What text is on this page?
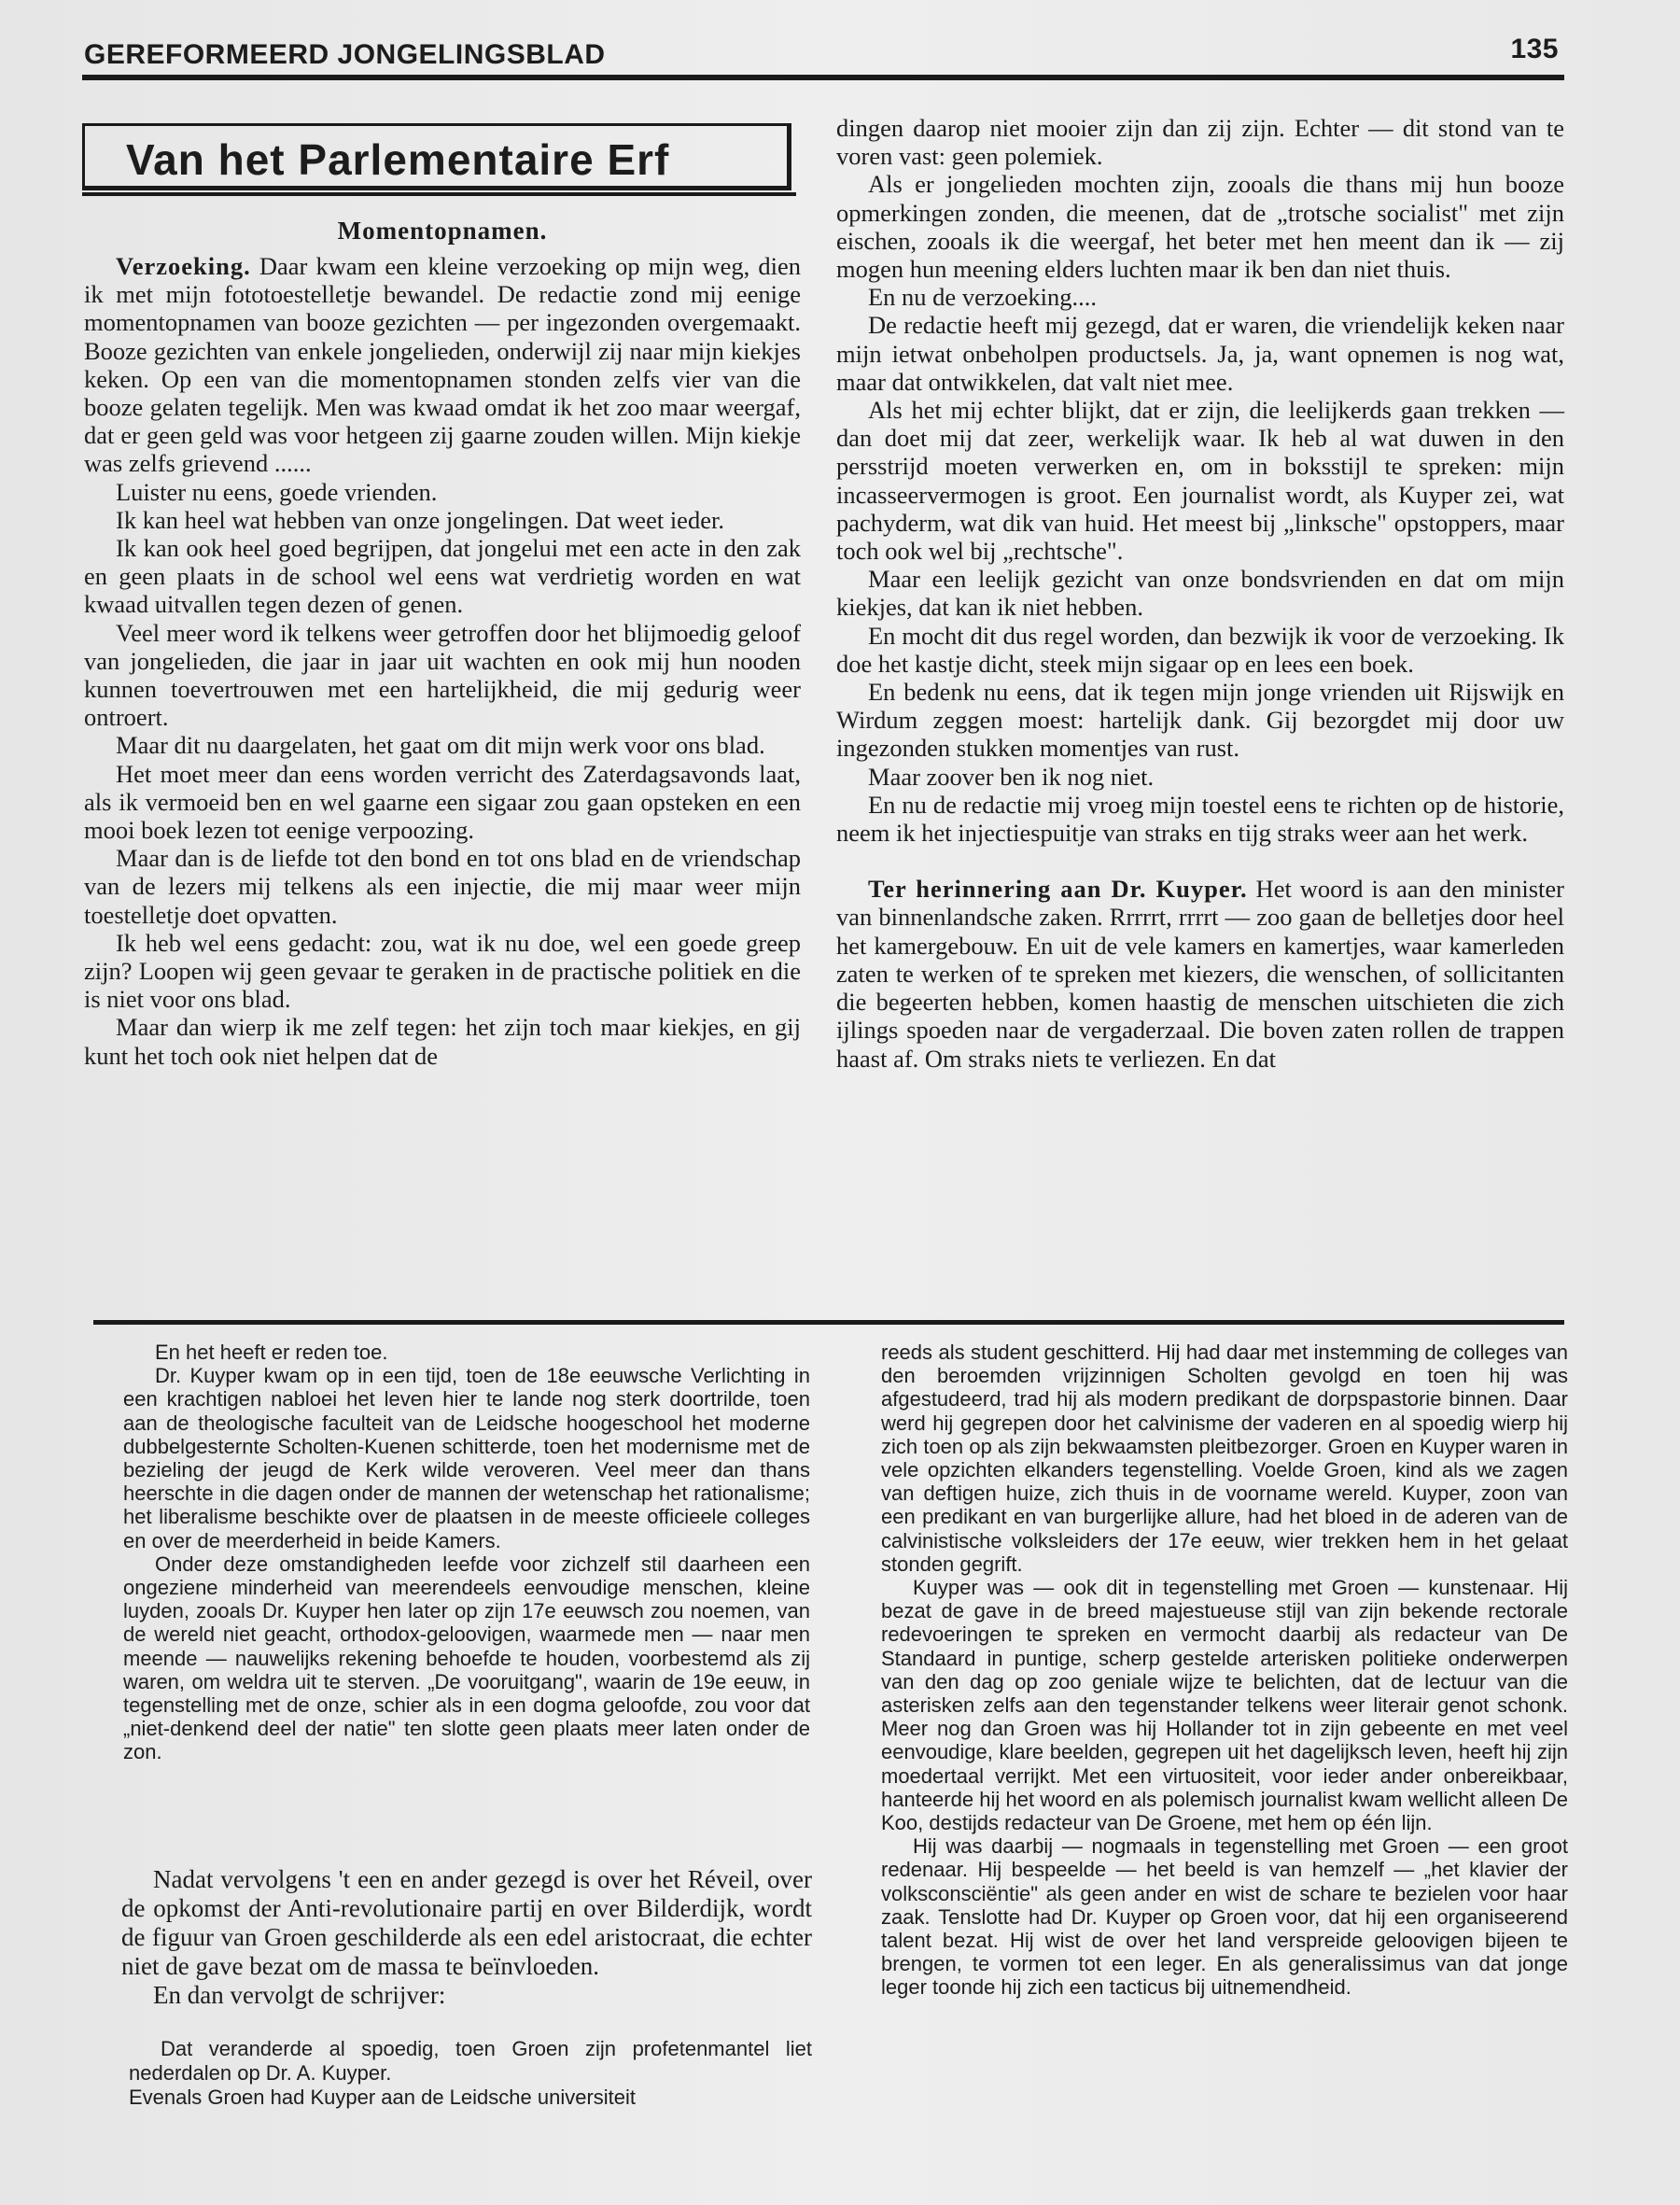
GEREFORMEERD JONGELINGSBLAD	135
Van het Parlementaire Erf
Momentopnamen.

Verzoeking. Daar kwam een kleine verzoeking op mijn weg, dien ik met mijn fototoestelletje bewandel. De redactie zond mij eenige momentopnamen van booze gezichten — per ingezonden overgemaakt. Booze gezichten van enkele jongelieden, onderwijl zij naar mijn kiekjes keken. Op een van die momentopnamen stonden zelfs vier van die booze gelaten tegelijk. Men was kwaad omdat ik het zoo maar weergaf, dat er geen geld was voor hetgeen zij gaarne zouden willen. Mijn kiekje was zelfs grievend ......

Luister nu eens, goede vrienden.

Ik kan heel wat hebben van onze jongelingen. Dat weet ieder.

Ik kan ook heel goed begrijpen, dat jongelui met een acte in den zak en geen plaats in de school wel eens wat verdrietig worden en wat kwaad uitvallen tegen dezen of genen.

Veel meer word ik telkens weer getroffen door het blijmoedig geloof van jongelieden, die jaar in jaar uit wachten en ook mij hun nooden kunnen toevertrouwen met een hartelijkheid, die mij gedurig weer ontroert.

Maar dit nu daargelaten, het gaat om dit mijn werk voor ons blad.

Het moet meer dan eens worden verricht des Zaterdagsavonds laat, als ik vermoeid ben en wel gaarne een sigaar zou gaan opsteken en een mooi boek lezen tot eenige verpoozing.

Maar dan is de liefde tot den bond en tot ons blad en de vriendschap van de lezers mij telkens als een injectie, die mij maar weer mijn toestelletje doet opvatten.

Ik heb wel eens gedacht: zou, wat ik nu doe, wel een goede greep zijn? Loopen wij geen gevaar te geraken in de practische politiek en die is niet voor ons blad.

Maar dan wierp ik me zelf tegen: het zijn toch maar kiekjes, en gij kunt het toch ook niet helpen dat de

dingen daarop niet mooier zijn dan zij zijn. Echter — dit stond van te voren vast: geen polemiek.

Als er jongelieden mochten zijn, zooals die thans mij hun booze opmerkingen zonden, die meenen, dat de „trotsche socialist" met zijn eischen, zooals ik die weergaf, het beter met hen meent dan ik — zij mogen hun meening elders luchten maar ik ben dan niet thuis.

En nu de verzoeking....

De redactie heeft mij gezegd, dat er waren, die vriendelijk keken naar mijn ietwat onbeholpen productsels. Ja, ja, want opnemen is nog wat, maar dat ontwikkelen, dat valt niet mee.

Als het mij echter blijkt, dat er zijn, die leelijkerds gaan trekken — dan doet mij dat zeer, werkelijk waar. Ik heb al wat duwen in den persstrijd moeten verwerken en, om in boksstijl te spreken: mijn incasseervermogen is groot. Een journalist wordt, als Kuyper zei, wat pachyderm, wat dik van huid. Het meest bij „linksche" opstoppers, maar toch ook wel bij „rechtsche".

Maar een leelijk gezicht van onze bondsvrienden en dat om mijn kiekjes, dat kan ik niet hebben.

En mocht dit dus regel worden, dan bezwijk ik voor de verzoeking. Ik doe het kastje dicht, steek mijn sigaar op en lees een boek.

En bedenk nu eens, dat ik tegen mijn jonge vrienden uit Rijswijk en Wirdum zeggen moest: hartelijk dank. Gij bezorgdet mij door uw ingezonden stukken momentjes van rust.

Maar zoover ben ik nog niet.

En nu de redactie mij vroeg mijn toestel eens te richten op de historie, neem ik het injectiespuitje van straks en tijg straks weer aan het werk.

Ter herinnering aan Dr. Kuyper. Het woord is aan den minister van binnenlandsche zaken. Rrrrrt, rrrrt — zoo gaan de belletjes door heel het kamergebouw. En uit de vele kamers en kamertjes, waar kamerleden zaten te werken of te spreken met kiezers, die wenschen, of sollicitanten die begeerten hebben, komen haastig de menschen uitschieten die zich ijlings spoeden naar de vergaderzaal. Die boven zaten rollen de trappen haast af. Om straks niets te verliezen. En dat

En het heeft er reden toe.

Dr. Kuyper kwam op in een tijd, toen de 18e eeuwsche Verlichting in een krachtigen nabloei het leven hier te lande nog sterk doortrilde, toen aan de theologische faculteit van de Leidsche hoogeschool het moderne dubbelgesterntе Scholten-Kuenen schitterde, toen het modernisme met de bezieling der jeugd de Kerk wilde veroveren. Veel meer dan thans heerschte in die dagen onder de mannen der wetenschap het rationalisme; het liberalisme beschikte over de plaatsen in de meeste officieele colleges en over de meerderheid in beide Kamers.

Onder deze omstandigheden leefde voor zichzelf stil daarheen een ongeziene minderheid van meerendeels eenvoudige menschen, kleine luyden, zooals Dr. Kuyper hen later op zijn 17e eeuwsch zou noemen, van de wereld niet geacht, orthodox-geloovigen, waarmede men — naar men meende — nauwelijks rekening behoefde te houden, voorbestemd als zij waren, om weldra uit te sterven. „De vooruitgang", waarin de 19e eeuw, in tegenstelling met de onze, schier als in een dogma geloofde, zou voor dat „niet-denkend deel der natie" ten slotte geen plaats meer laten onder de zon.

Nadat vervolgens 't een en ander gezegd is over het Réveil, over de opkomst der Anti-revolutionaire partij en over Bilderdijk, wordt de figuur van Groen geschilderde als een edel aristocraat, die echter niet de gave bezat om de massa te beïnvloeden.

En dan vervolgt de schrijver:

Dat veranderde al spoedig, toen Groen zijn profetenmantel liet nederdalen op Dr. A. Kuyper.

Evenals Groen had Kuyper aan de Leidsche universiteit

reeds als student geschitterd. Hij had daar met instemming de colleges van den beroemden vrijzinnigen Scholten gevolgd en toen hij was afgestudeerd, trad hij als modern predikant de dorpspastorie binnen. Daar werd hij gegrepen door het calvinisme der vaderen en al spoedig wierp hij zich toen op als zijn bekwaamsten pleitbezorger. Groen en Kuyper waren in vele opzichten elkanders tegenstelling. Voelde Groen, kind als we zagen van deftigen huize, zich thuis in de voorname wereld. Kuyper, zoon van een predikant en van burgerlijke allure, had het bloed in de aderen van de calvinistische volksleiders der 17e eeuw, wier trekken hem in het gelaat stonden gegrift.

Kuyper was — ook dit in tegenstelling met Groen — kunstenaar. Hij bezat de gave in de breed majestueuse stijl van zijn bekende rectorale redevoeringen te spreken en vermocht daarbij als redacteur van De Standaard in puntige, scherp gestelde arterisken politieke onderwerpen van den dag op zoo geniale wijze te belichten, dat de lectuur van die asterisken zelfs aan den tegenstander telkens weer literair genot schonk. Meer nog dan Groen was hij Hollander tot in zijn gebeente en met veel eenvoudige, klare beelden, gegrepen uit het dagelijksch leven, heeft hij zijn moedertaal verrijkt. Met een virtuositeit, voor ieder ander onbereikbaar, hanteerde hij het woord en als polemisch journalist kwam wellicht alleen De Koo, destijds redacteur van De Groene, met hem op één lijn.

Hij was daarbij — nogmaals in tegenstelling met Groen — een groot redenaar. Hij bespeelde — het beeld is van hemzelf — „het klavier der volksconsciëntie" als geen ander en wist de schare te bezielen voor haar zaak. Tenslotte had Dr. Kuyper op Groen voor, dat hij een organiseerend talent bezat. Hij wist de over het land verspreide geloovigen bijeen te brengen, te vormen tot een leger. En als generalissimus van dat jonge leger toonde hij zich een tacticus bij uitnemendheid.
